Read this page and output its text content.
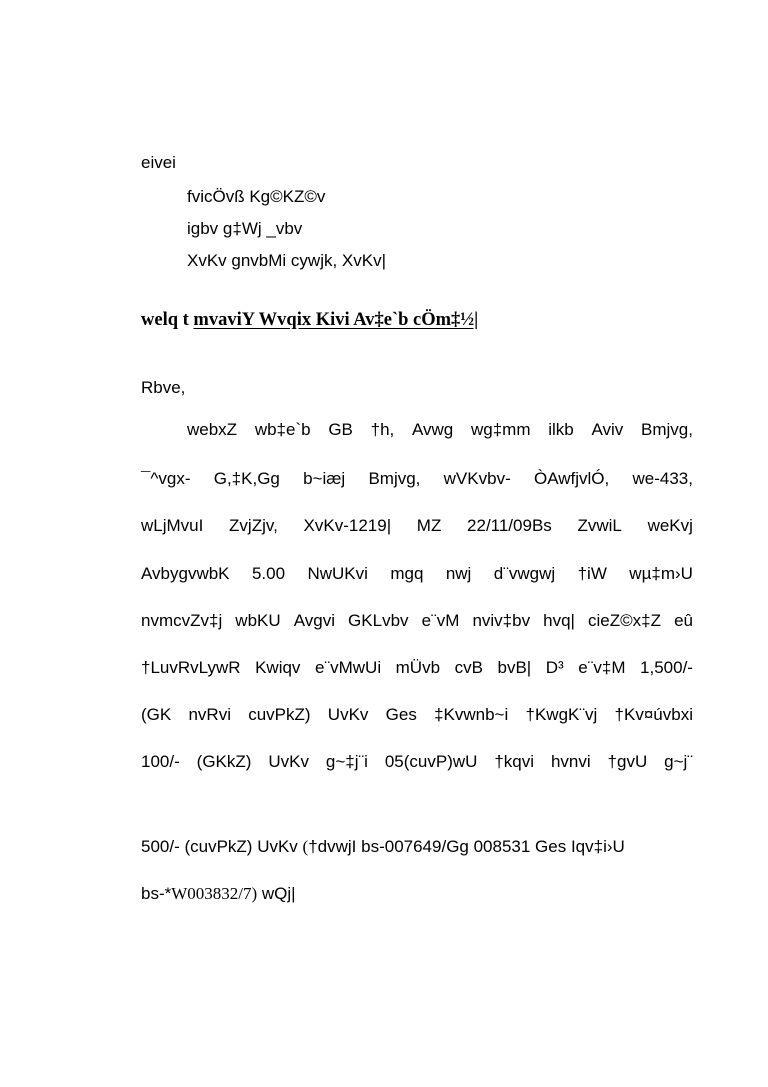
eivei
fvicÖvß Kg©KZ©v
igbv g‡Wj _vbv
XvKv gnvbMi cywjk, XvKv|
welq t mvaviY Wvqix Kivi Av‡e`b cÖm‡½|
Rbve,
webxZ wb‡e`b GB †h, Avwg wg‡mm ilkb Aviv Bmjvg,
¯^vgx- G,‡K,Gg b~iæj Bmjvg, wVKvbv- ÒAwfjvlÓ, we-433,
wLjMvuI ZvjZjv, XvKv-1219| MZ 22/11/09Bs ZvwiL weKvj
AvbygvwbK 5.00 NwUKvi mgq nwj d¨vwgwj †iW wµ‡m›U
nvmcvZv‡j wbKU Avgvi GKLvbv e¨vM nviv‡bv hvq| cieZ©x‡Z eû
†LuvRvLywR Kwiqv e¨vMwUi mÜvb cvB bvB| D³ e¨v‡M 1,500/-
(GK nvRvi cuvPkZ) UvKv Ges ‡Kvwnb~i †KwgK¨vj †Kv¤úvbxi
100/- (GKkZ) UvKv g~‡j¨i 05(cuvP)wU †kqvi hvnvi †gvU g~j¨
500/- (cuvPkZ) UvKv (†dvwjI bs-007649/Gg 008531 Ges Iqv‡i›U
bs-*W003832/7) wQj|
